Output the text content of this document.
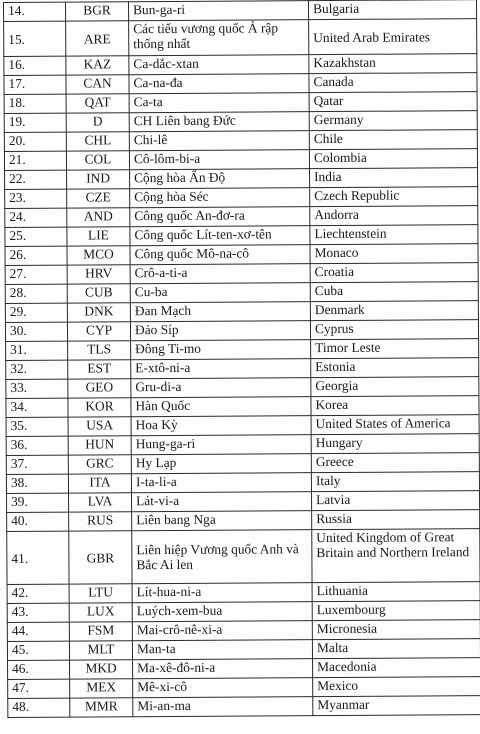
14.	BGR	Bun-ga-ri	Bulgaria
15.	ARE	Các tiểu vương quốc Ả rập thống nhất	United Arab Emirates
16.	KAZ	Ca-dắc-xtan	Kazakhstan
17.	CAN	Ca-na-đa	Canada
18.	QAT	Ca-ta	Qatar
19.	D	CH Liên bang Đức	Germany
20.	CHL	Chi-lê	Chile
21.	COL	Cô-lôm-bi-a	Colombia
22.	IND	Cộng hòa Ấn Độ	India
23.	CZE	Cộng hòa Séc	Czech Republic
24.	AND	Công quốc An-đơ-ra	Andorra
25.	LIE	Công quốc Lít-ten-xơ-tên	Liechtenstein
26.	MCO	Công quốc Mô-na-cô	Monaco
27.	HRV	Crô-a-ti-a	Croatia
28.	CUB	Cu-ba	Cuba
29.	DNK	Đan Mạch	Denmark
30.	CYP	Đảo Síp	Cyprus
31.	TLS	Đông Ti-mo	Timor Leste
32.	EST	E-xtô-ni-a	Estonia
33.	GEO	Gru-di-a	Georgia
34.	KOR	Hàn Quốc	Korea
35.	USA	Hoa Kỳ	United States of America
36.	HUN	Hung-ga-ri	Hungary
37.	GRC	Hy Lạp	Greece
38.	ITA	I-ta-li-a	Italy
39.	LVA	Lát-vi-a	Latvia
40.	RUS	Liên bang Nga	Russia
41.	GBR	Liên hiệp Vương quốc Anh và Bắc Ai len	United Kingdom of Great Britain and Northern Ireland
42.	LTU	Lít-hua-ni-a	Lithuania
43.	LUX	Luých-xem-bua	Luxembourg
44.	FSM	Mai-crô-nê-xi-a	Micronesia
45.	MLT	Man-ta	Malta
46.	MKD	Ma-xê-đô-ni-a	Macedonia
47.	MEX	Mê-xi-cô	Mexico
48.	MMR	Mi-an-ma	Myanmar
